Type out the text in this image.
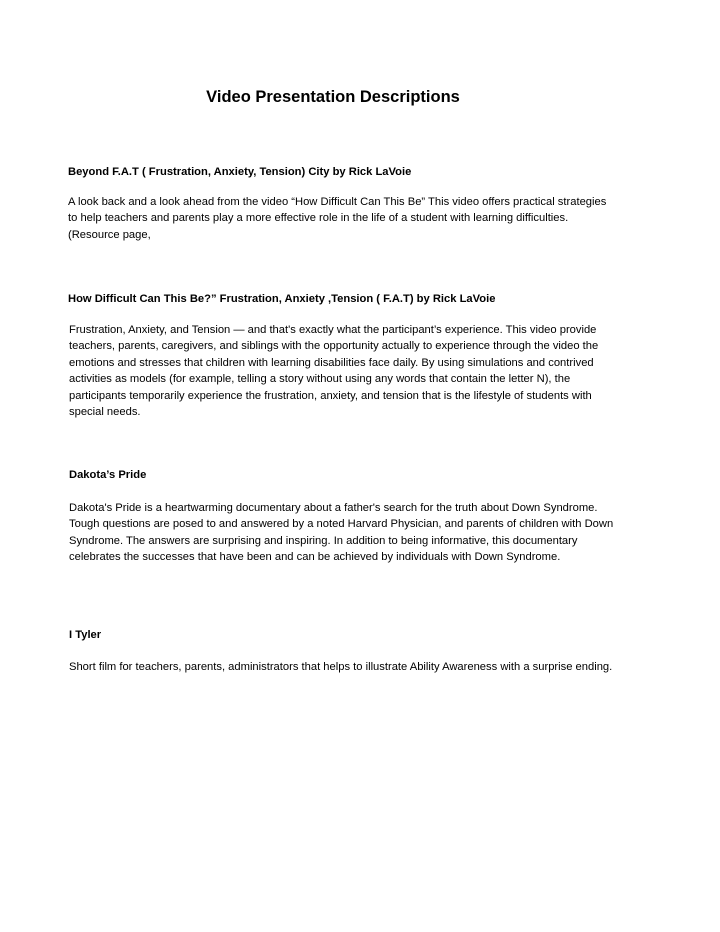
Video Presentation Descriptions
Beyond F.A.T ( Frustration, Anxiety, Tension) City by Rick LaVoie

A look back and a look ahead from the video “How Difficult Can This Be” This video offers practical strategies to help teachers and parents play a more effective role in the life of a student with learning difficulties. (Resource page,

How Difficult Can This Be?” Frustration, Anxiety ,Tension ( F.A.T) by Rick LaVoie

Frustration, Anxiety, and Tension — and that's exactly what the participant’s experience. This video provide teachers, parents, caregivers, and siblings with the opportunity actually to experience through the video the emotions and stresses that children with learning disabilities face daily. By using simulations and contrived activities as models (for example, telling a story without using any words that contain the letter N), the participants temporarily experience the frustration, anxiety, and tension that is the lifestyle of students with special needs.

Dakota’s Pride

Dakota's Pride is a heartwarming documentary about a father's search for the truth about Down Syndrome. Tough questions are posed to and answered by a noted Harvard Physician, and parents of children with Down Syndrome. The answers are surprising and inspiring. In addition to being informative, this documentary celebrates the successes that have been and can be achieved by individuals with Down Syndrome.

I Tyler

Short film for teachers, parents, administrators that helps to illustrate Ability Awareness with a surprise ending.
